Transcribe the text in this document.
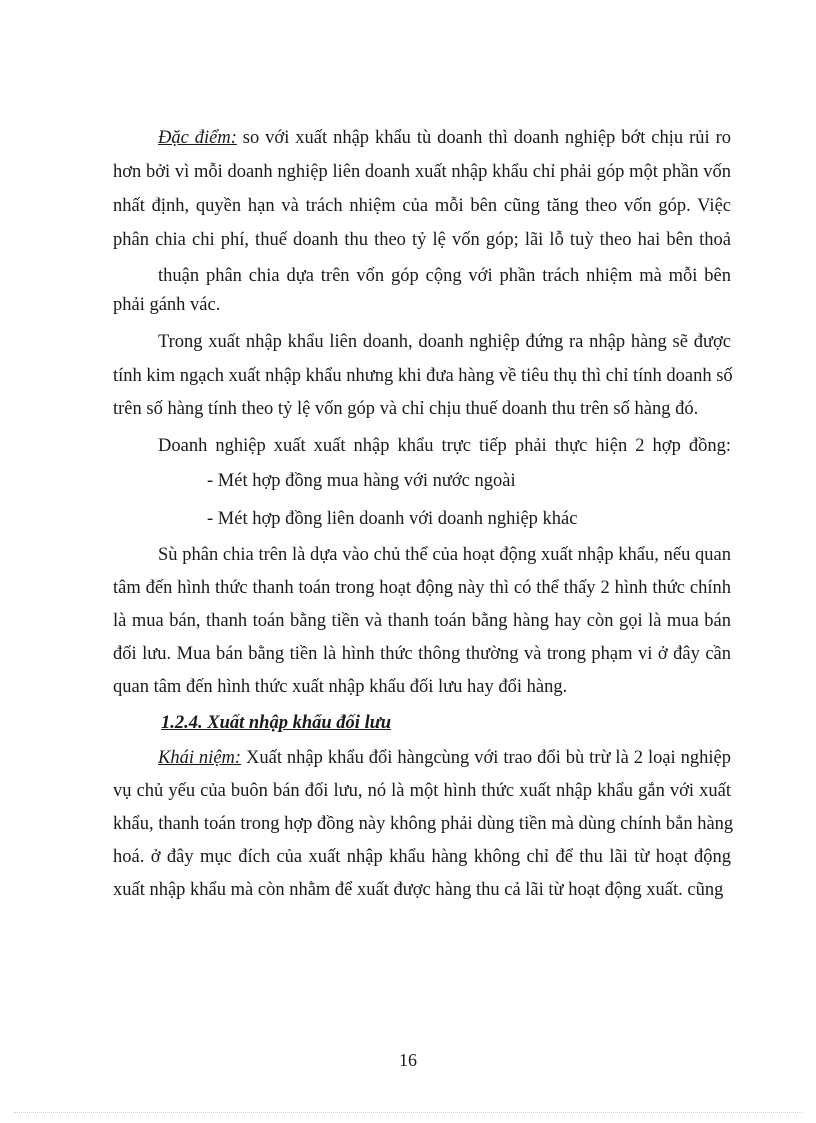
Đặc điểm: so với xuất nhập khẩu tù doanh thì doanh nghiệp bớt chịu rủi ro
hơn bởi vì mỗi doanh nghiệp liên doanh xuất nhập khẩu chỉ phải góp một phần vốn
nhất định, quyền hạn và trách nhiệm của mỗi bên cũng tăng theo vốn góp. Việc
phân chia chi phí, thuế doanh thu theo tỷ lệ vốn góp; lãi lỗ tuỳ theo hai bên thoả
thuận phân chia dựa trên vốn góp cộng với phần trách nhiệm mà mỗi bên
phải gánh vác.
Trong xuất nhập khẩu liên doanh, doanh nghiệp đứng ra nhập hàng sẽ được
tính kim ngạch xuất nhập khẩu nhưng khi đưa hàng về tiêu thụ thì chỉ tính doanh số
trên số hàng tính theo tỷ lệ vốn góp và chỉ chịu thuế doanh thu trên số hàng đó.
Doanh nghiệp xuất xuất nhập khẩu trực tiếp phải thực hiện 2 hợp đồng:
- Mét hợp đồng mua hàng với nước ngoài
- Mét hợp đồng liên doanh với doanh nghiệp khác
Sù phân chia trên là dựa vào chủ thể của hoạt động xuất nhập khẩu, nếu quan
tâm đến hình thức thanh toán trong hoạt động này thì có thể thấy 2 hình thức chính
là mua bán, thanh toán bằng tiền và thanh toán bằng hàng hay còn gọi là mua bán
đối lưu. Mua bán bằng tiền là hình thức thông thường và trong phạm vi ở đây cần
quan tâm đến hình thức xuất nhập khẩu đối lưu hay đổi hàng.
1.2.4. Xuất nhập khẩu đối lưu
Khái niệm: Xuất nhập khẩu đổi hàngcùng với trao đổi bù trừ là 2 loại nghiệp
vụ chủ yếu của buôn bán đối lưu, nó là một hình thức xuất nhập khẩu gắn với xuất
khẩu, thanh toán trong hợp đồng này không phải dùng tiền mà dùng chính bẳn hàng
hoá. ở đây mục đích của xuất nhập khẩu hàng không chỉ để thu lãi từ hoạt động
xuất nhập khẩu mà còn nhằm để xuất được hàng thu cả lãi từ hoạt động xuất. cũng
16
